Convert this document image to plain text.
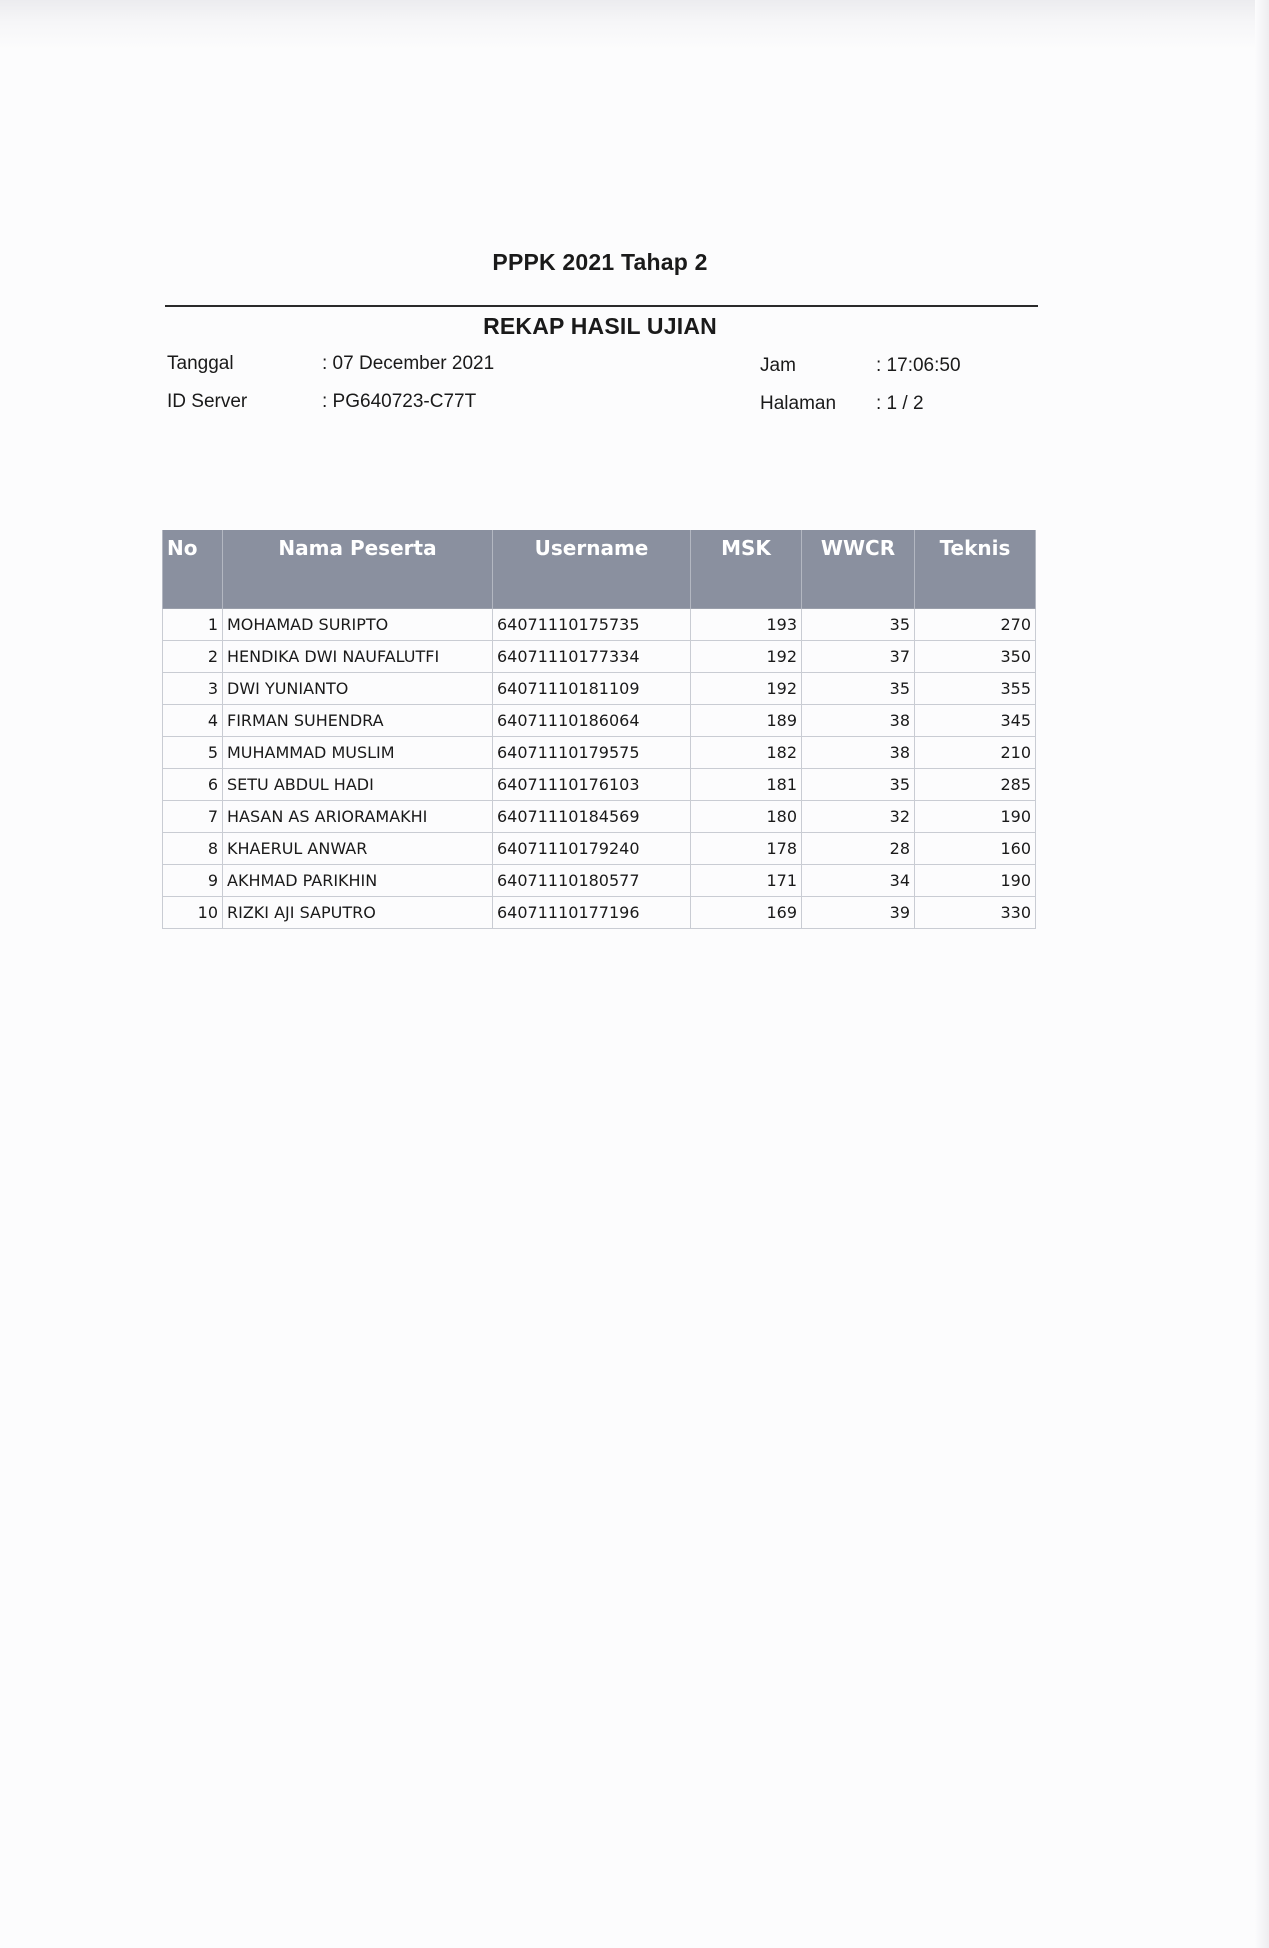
PPPK 2021 Tahap 2
REKAP HASIL UJIAN
Tanggal	: 07 December 2021
ID Server	: PG640723-C77T
Jam	: 17:06:50
Halaman : 1 / 2
No	Nama Peserta	Username	MSK	WWCR	Teknis
1	MOHAMAD SURIPTO	64071110175735	193	35	270
2	HENDIKA DWI NAUFALUTFI	64071110177334	192	37	350
3	DWI YUNIANTO	64071110181109	192	35	355
4	FIRMAN SUHENDRA	64071110186064	189	38	345
5	MUHAMMAD MUSLIM	64071110179575	182	38	210
6	SETU ABDUL HADI	64071110176103	181	35	285
7	HASAN AS ARIORAMAKHI	64071110184569	180	32	190
8	KHAERUL ANWAR	64071110179240	178	28	160
9	AKHMAD PARIKHIN	64071110180577	171	34	190
10	RIZKI AJI SAPUTRO	64071110177196	169	39	330
